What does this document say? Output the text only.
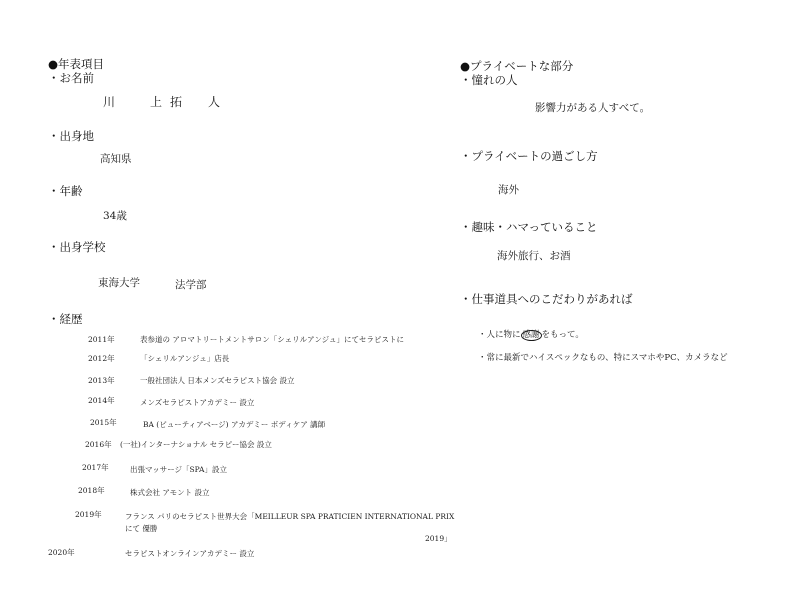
●年表項目
・お名前
川	上 拓 人
・出身地
高知県
・年齢
34歳
・出身学校
東海大学	法学部
・経歴
2011年	表参道の アロマトリートメントサロン「シェリルアンジュ」にてセラピストに
2012年	「シェリルアンジュ」店長
2013年	一般社団法人 日本メンズセラピスト協会 設立
2014年	メンズセラピストアカデミー 設立
2015年	BA (ビューティアベージ) アカデミー ボディケア 講師
2016年 (一社)インターナショナル セラピー協会 設立
2017年	出張マッサージ「SPA」設立
2018年	株式会社 アモント 設立
2019年	フランス パリのセラピスト世界大会「MEILLEUR SPA PRATICIEN INTERNATIONAL PRIX
にて 優勝
2019」
2020年	セラピストオンラインアカデミー 設立
●プライベートな部分
・憧れの人
影響力がある人すべて。
・プライベートの過ごし方
海外
・趣味・ハマっていること
海外旅行、お酒
・仕事道具へのこだわりがあれば
・人に物に 感謝 をもって。
・常に最新でハイスペックなもの、特にスマホやPC、カメラなど
